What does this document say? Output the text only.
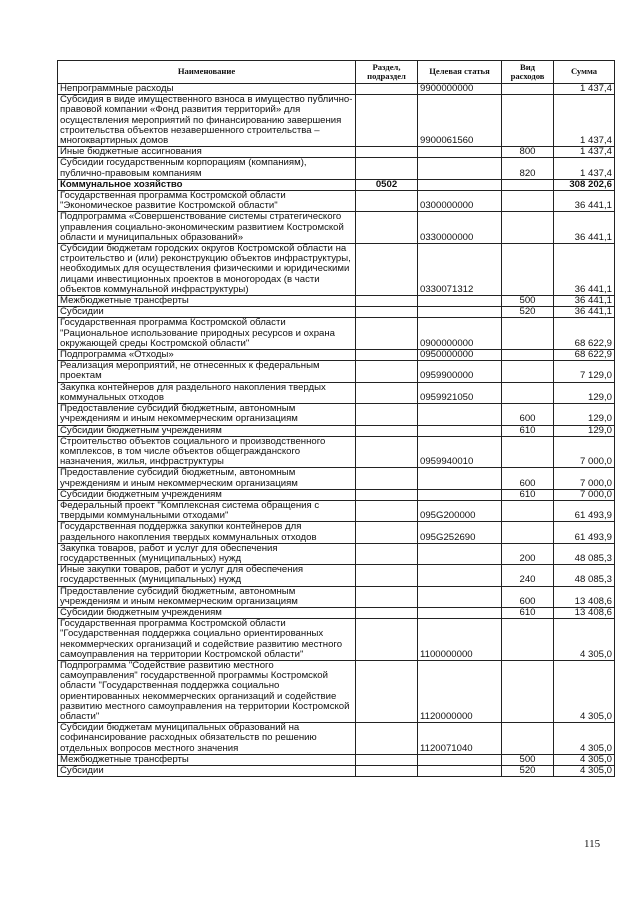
Наименование	Раздел, подраздел	Целевая статья	Вид расходов	Сумма
Непрограммные расходы		9900000000		1 437,4
Субсидия в виде имущественного взноса в имущество публично-правовой компании «Фонд развития территорий» для осуществления мероприятий по финансированию завершения строительства объектов незавершенного строительства – многоквартирных домов		9900061560		1 437,4
Иные бюджетные ассигнования			800	1 437,4
Субсидии государственным корпорациям (компаниям), публично-правовым компаниям			820	1 437,4
Коммунальное хозяйство	0502			308 202,6
Государственная программа Костромской области "Экономическое развитие Костромской области"		0300000000		36 441,1
Подпрограмма «Совершенствование системы стратегического управления социально-экономическим развитием Костромской области и муниципальных образований»		0330000000		36 441,1
Субсидии бюджетам городских округов Костромской области на строительство и (или) реконструкцию объектов инфраструктуры, необходимых для осуществления физическими и юридическими лицами инвестиционных проектов в моногородах (в части объектов коммунальной инфраструктуры)		0330071312		36 441,1
Межбюджетные трансферты			500	36 441,1
Субсидии			520	36 441,1
Государственная программа Костромской области "Рациональное использование природных ресурсов и охрана окружающей среды Костромской области"		0900000000		68 622,9
Подпрограмма «Отходы»		0950000000		68 622,9
Реализация мероприятий, не отнесенных к федеральным проектам		0959900000		7 129,0
Закупка контейнеров для раздельного накопления твердых коммунальных отходов		0959921050		129,0
Предоставление субсидий бюджетным, автономным учреждениям и иным некоммерческим организациям			600	129,0
Субсидии бюджетным учреждениям			610	129,0
Строительство объектов социального и производственного комплексов, в том числе объектов общегражданского назначения, жилья, инфраструктуры		0959940010		7 000,0
Предоставление субсидий бюджетным, автономным учреждениям и иным некоммерческим организациям			600	7 000,0
Субсидии бюджетным учреждениям			610	7 000,0
Федеральный проект "Комплексная система обращения с твердыми коммунальными отходами"		095G200000		61 493,9
Государственная поддержка закупки контейнеров для раздельного накопления твердых коммунальных отходов		095G252690		61 493,9
Закупка товаров, работ и услуг для обеспечения государственных (муниципальных) нужд			200	48 085,3
Иные закупки товаров, работ и услуг для обеспечения государственных (муниципальных) нужд			240	48 085,3
Предоставление субсидий бюджетным, автономным учреждениям и иным некоммерческим организациям			600	13 408,6
Субсидии бюджетным учреждениям			610	13 408,6
Государственная программа Костромской области "Государственная поддержка социально ориентированных некоммерческих организаций и содействие развитию местного самоуправления на территории Костромской области"		1100000000		4 305,0
Подпрограмма "Содействие развитию местного самоуправления" государственной программы Костромской области "Государственная поддержка социально ориентированных некоммерческих организаций и содействие развитию местного самоуправления на территории Костромской области"		1120000000		4 305,0
Субсидии бюджетам муниципальных образований на софинансирование расходных обязательств по решению отдельных вопросов местного значения		1120071040		4 305,0
Межбюджетные трансферты			500	4 305,0
Субсидии			520	4 305,0
115
